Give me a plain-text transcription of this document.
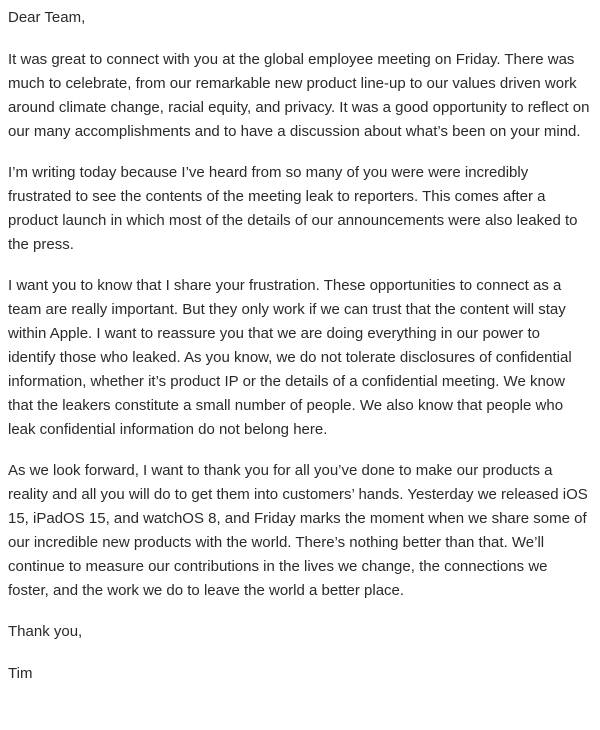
Dear Team,

It was great to connect with you at the global employee meeting on Friday. There was much to celebrate, from our remarkable new product line-up to our values driven work around climate change, racial equity, and privacy. It was a good opportunity to reflect on our many accomplishments and to have a discussion about what’s been on your mind.

I’m writing today because I’ve heard from so many of you were were incredibly frustrated to see the contents of the meeting leak to reporters. This comes after a product launch in which most of the details of our announcements were also leaked to the press.

I want you to know that I share your frustration. These opportunities to connect as a team are really important. But they only work if we can trust that the content will stay within Apple. I want to reassure you that we are doing everything in our power to identify those who leaked. As you know, we do not tolerate disclosures of confidential information, whether it’s product IP or the details of a confidential meeting. We know that the leakers constitute a small number of people. We also know that people who leak confidential information do not belong here.

As we look forward, I want to thank you for all you’ve done to make our products a reality and all you will do to get them into customers’ hands. Yesterday we released iOS 15, iPadOS 15, and watchOS 8, and Friday marks the moment when we share some of our incredible new products with the world. There’s nothing better than that. We’ll continue to measure our contributions in the lives we change, the connections we foster, and the work we do to leave the world a better place.

Thank you,

Tim
